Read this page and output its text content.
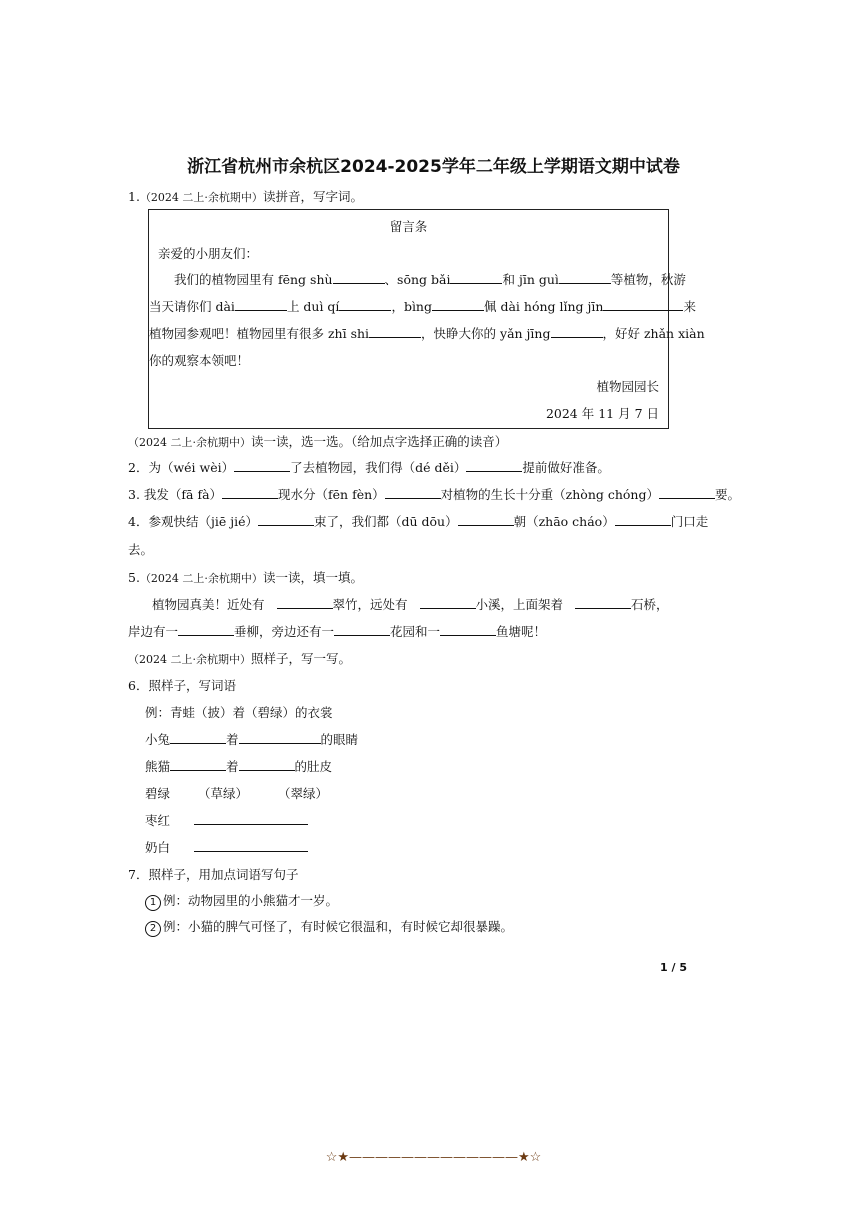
浙江省杭州市余杭区2024-2025学年二年级上学期语文期中试卷
1.（2024 二上·余杭期中）读拼音，写字词。
留言条
亲爱的小朋友们：
我们的植物园里有 fēng shù	、sōng bǎi	和 jīn guì	等植物，秋游
当天请你们 dài	上 duì qí	，bìng	佩 dài hóng lǐng jīn	来
植物园参观吧！植物园里有很多 zhī shi	，快睁大你的 yǎn jīng	，好好 zhǎn xiàn
你的观察本领吧！
植物园园长
2024 年 11 月 7 日
（2024 二上·余杭期中）读一读，选一选。（给加点字选择正确的读音）
2．为（wéi wèi）	了去植物园，我们得（dé děi）	提前做好准备。
3. 我发（fā fà）	现水分（fēn fèn）	对植物的生长十分重（zhòng chóng）	要。
4．参观快结（jiē jié）	束了，我们都（dū dōu）	朝（zhāo cháo）	门口走
去。
5.（2024 二上·余杭期中）读一读，填一填。
植物园真美！近处有	翠竹，远处有	小溪，上面架着	石桥，
岸边有一	垂柳，旁边还有一	花园和一	鱼塘呢！
（2024 二上·余杭期中）照样子，写一写。
6．照样子，写词语
例：青蛙（披）着（碧绿）的衣裳
小兔	着	的眼睛
熊猫	着	的肚皮
碧绿 （草绿） （翠绿）
枣红
奶白
7．照样子，用加点词语写句子
1 例：动物园里的小熊猫才一岁。
2 例：小猫的脾气可怪了，有时候它很温和，有时候它却很暴躁。
1 / 5
☆★—————————————★☆
